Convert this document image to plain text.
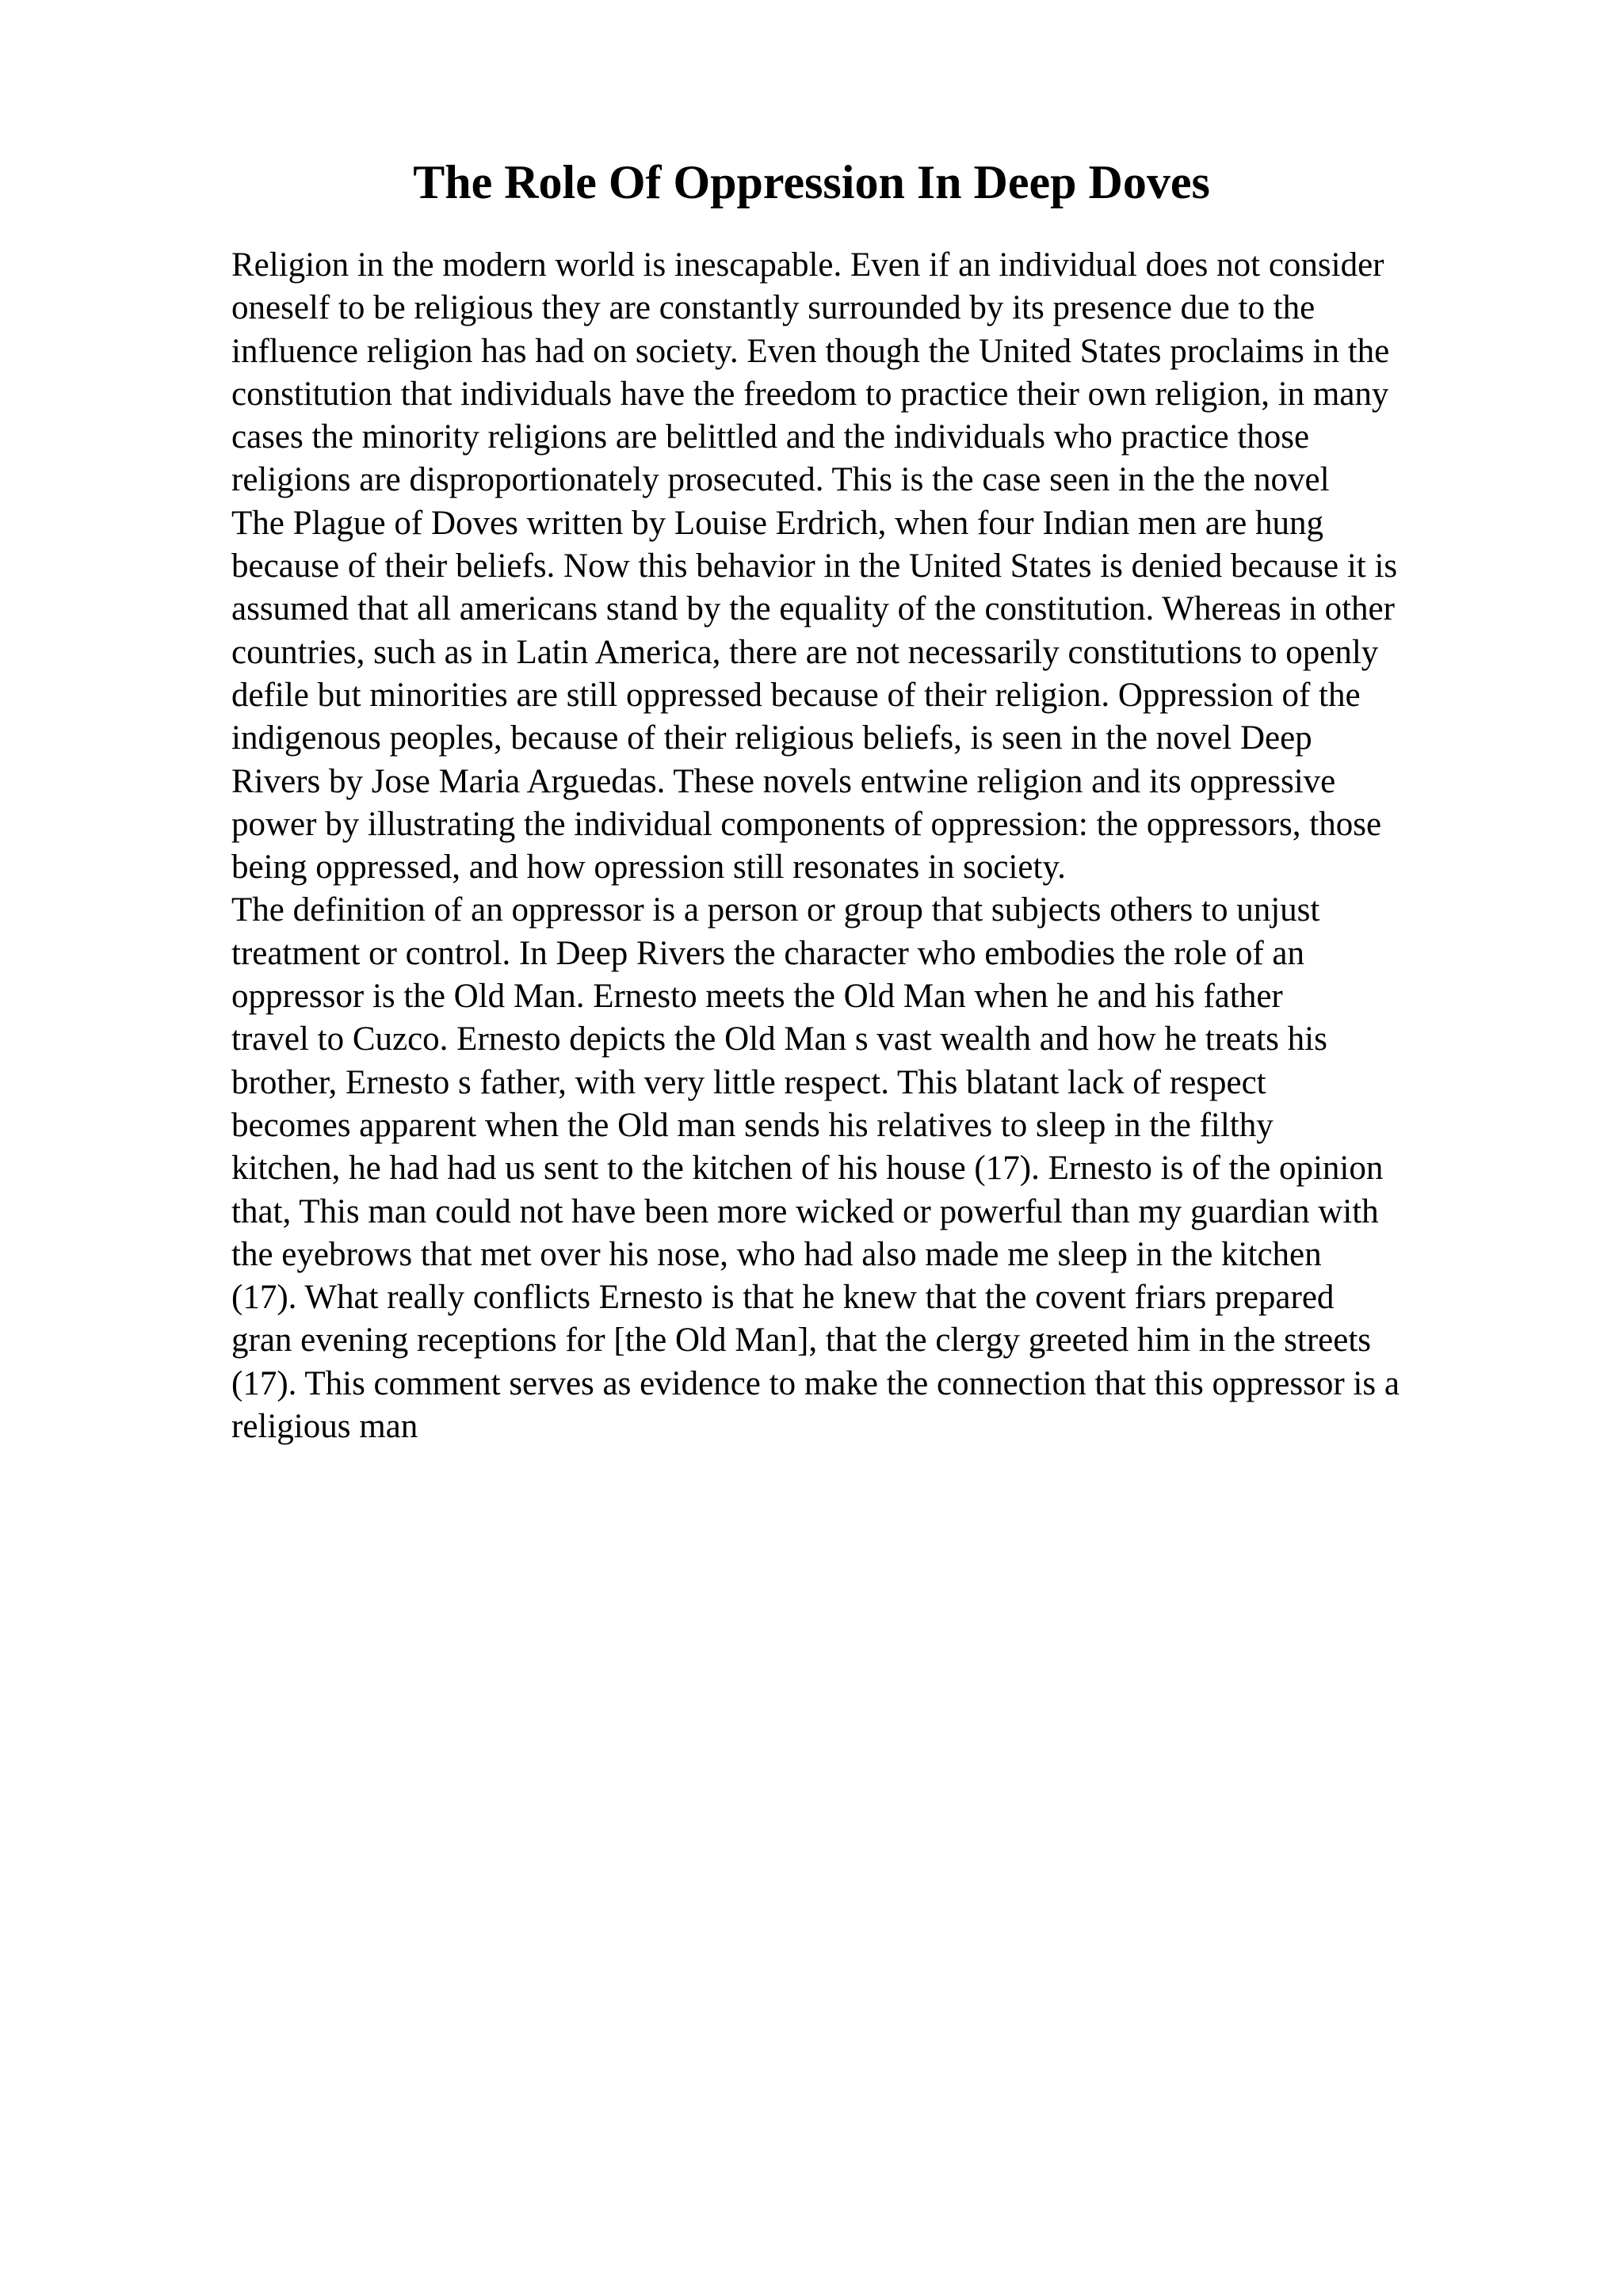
The Role Of Oppression In Deep Doves
Religion in the modern world is inescapable. Even if an individual does not consider
oneself to be religious they are constantly surrounded by its presence due to the
influence religion has had on society. Even though the United States proclaims in the
constitution that individuals have the freedom to practice their own religion, in many
cases the minority religions are belittled and the individuals who practice those
religions are disproportionately prosecuted. This is the case seen in the the novel
The Plague of Doves written by Louise Erdrich, when four Indian men are hung
because of their beliefs. Now this behavior in the United States is denied because it is
assumed that all americans stand by the equality of the constitution. Whereas in other
countries, such as in Latin America, there are not necessarily constitutions to openly
defile but minorities are still oppressed because of their religion. Oppression of the
indigenous peoples, because of their religious beliefs, is seen in the novel Deep
Rivers by Jose Maria Arguedas. These novels entwine religion and its oppressive
power by illustrating the individual components of oppression: the oppressors, those
being oppressed, and how opression still resonates in society.
The definition of an oppressor is a person or group that subjects others to unjust
treatment or control. In Deep Rivers the character who embodies the role of an
oppressor is the Old Man. Ernesto meets the Old Man when he and his father
travel to Cuzco. Ernesto depicts the Old Man s vast wealth and how he treats his
brother, Ernesto s father, with very little respect. This blatant lack of respect
becomes apparent when the Old man sends his relatives to sleep in the filthy
kitchen, he had had us sent to the kitchen of his house (17). Ernesto is of the opinion
that, This man could not have been more wicked or powerful than my guardian with
the eyebrows that met over his nose, who had also made me sleep in the kitchen
(17). What really conflicts Ernesto is that he knew that the covent friars prepared
gran evening receptions for [the Old Man], that the clergy greeted him in the streets
(17). This comment serves as evidence to make the connection that this oppressor is a
religious man
